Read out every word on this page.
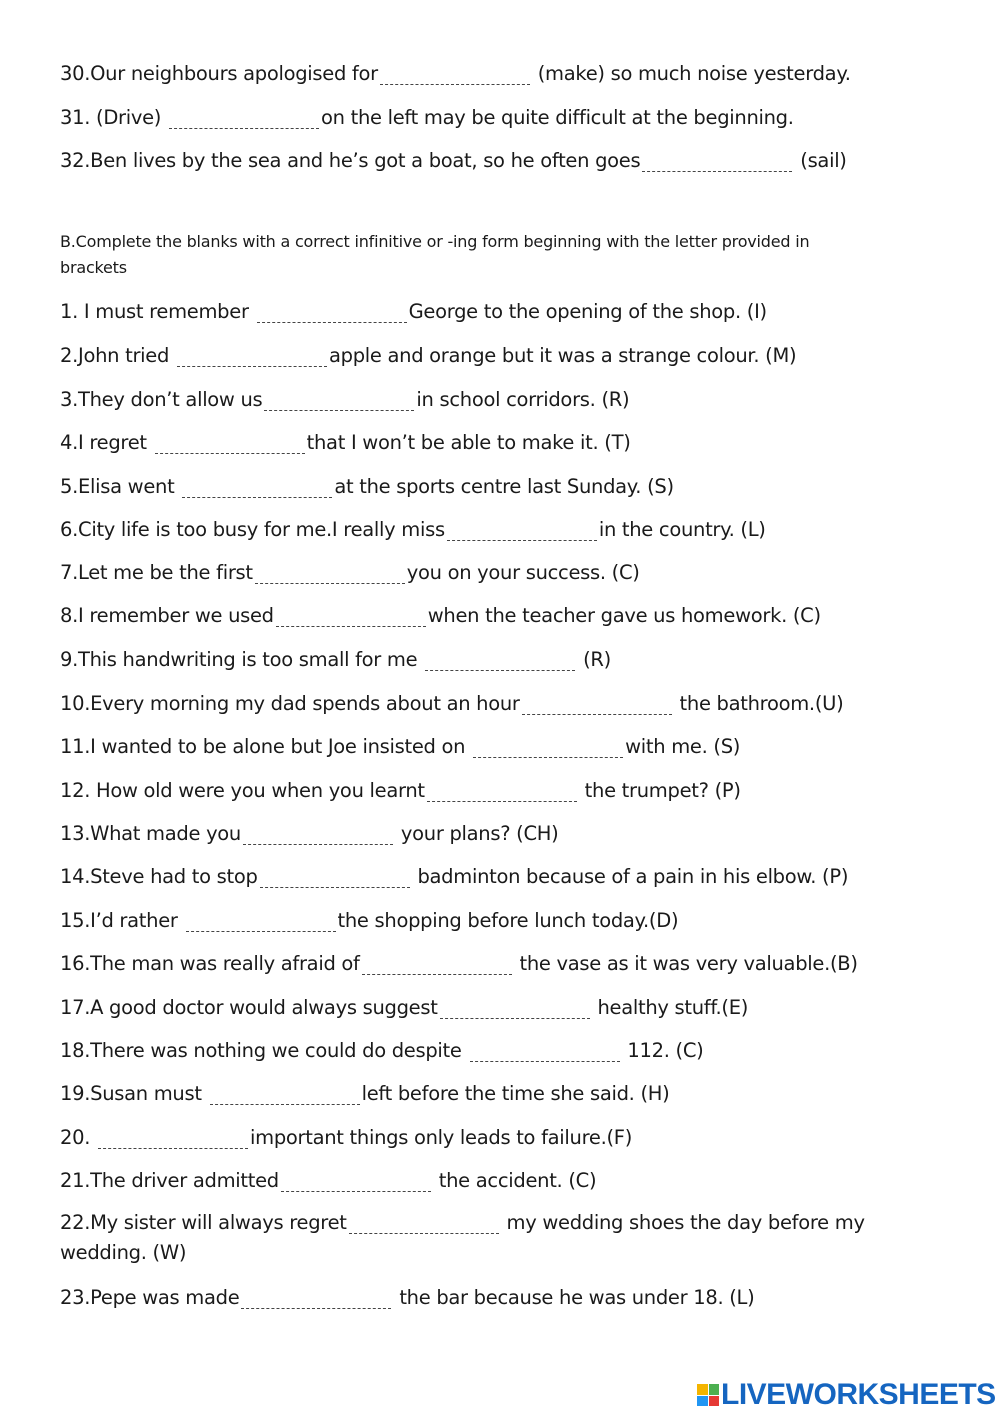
30.Our neighbours apologised for	(make) so much noise yesterday.
31. (Drive)	on the left may be quite difficult at the beginning.
32.Ben lives by the sea and he’s got a boat, so he often goes	(sail)
B.Complete the blanks with a correct infinitive or -ing form beginning with the letter provided in brackets
1. I must remember	George to the opening of the shop. (I)
2.John tried	apple and orange but it was a strange colour. (M)
3.They don’t allow us	in school corridors. (R)
4.I regret	that I won’t be able to make it. (T)
5.Elisa went	at the sports centre last Sunday. (S)
6.City life is too busy for me.I really miss	in the country. (L)
7.Let me be the first	you on your success. (C)
8.I remember we used	when the teacher gave us homework. (C)
9.This handwriting is too small for me	(R)
10.Every morning my dad spends about an hour	the bathroom.(U)
11.I wanted to be alone but Joe insisted on	with me. (S)
12. How old were you when you learnt	the trumpet? (P)
13.What made you	your plans? (CH)
14.Steve had to stop	badminton because of a pain in his elbow. (P)
15.I’d rather	the shopping before lunch today.(D)
16.The man was really afraid of	the vase as it was very valuable.(B)
17.A good doctor would always suggest	healthy stuff.(E)
18.There was nothing we could do despite	112. (C)
19.Susan must	left before the time she said. (H)
20.	important things only leads to failure.(F)
21.The driver admitted	the accident. (C)
22.My sister will always regret	my wedding shoes the day before my wedding. (W)
23.Pepe was made	the bar because he was under 18. (L)
LIVEWORKSHEETS
